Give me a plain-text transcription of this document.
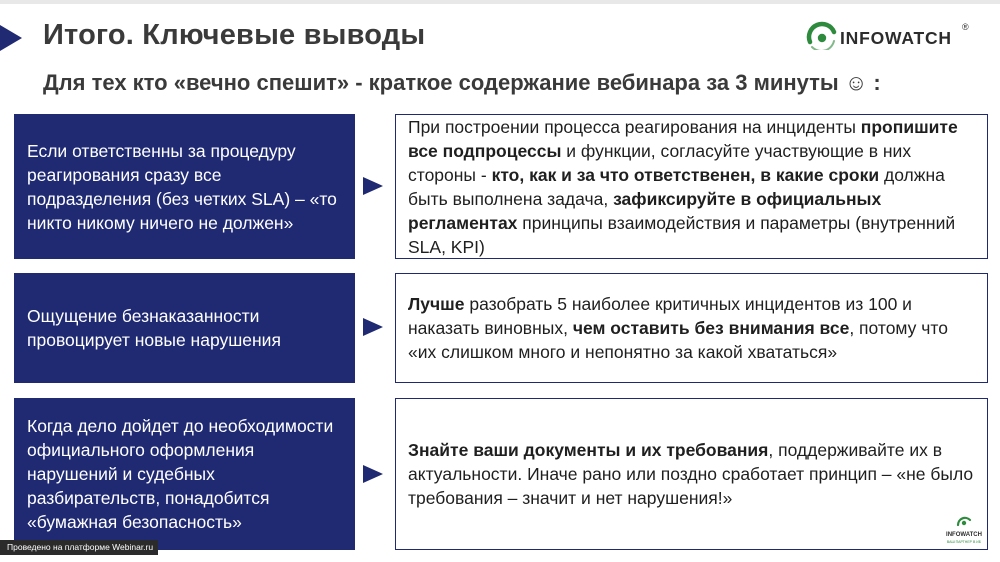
Итого. Ключевые выводы
Для тех кто «вечно спешит» - краткое содержание вебинара за 3 минуты ☺ :
INFOWATCH
®
Если ответственны за процедуру реагирования сразу все подразделения (без четких SLA) – «то никто никому ничего не должен»
При построении процесса реагирования на инциденты пропишите все подпроцессы и функции, согласуйте участвующие в них стороны - кто, как и за что ответственен, в какие сроки должна быть выполнена задача, зафиксируйте в официальных регламентах принципы взаимодействия и параметры (внутренний SLA, KPI)
Ощущение безнаказанности провоцирует новые нарушения
Лучше разобрать 5 наиболее критичных инцидентов из 100 и наказать виновных, чем оставить без внимания все, потому что «их слишком много и непонятно за какой хвататься»
Когда дело дойдет до необходимости официального оформления нарушений и судебных разбирательств, понадобится «бумажная безопасность»
Знайте ваши документы и их требования, поддерживайте их в актуальности. Иначе рано или поздно сработает принцип – «не было требования – значит и нет нарушения!»
INFOWATCH
ВАШ ПАРТНЕР В ИБ
Проведено на платформе Webinar.ru
